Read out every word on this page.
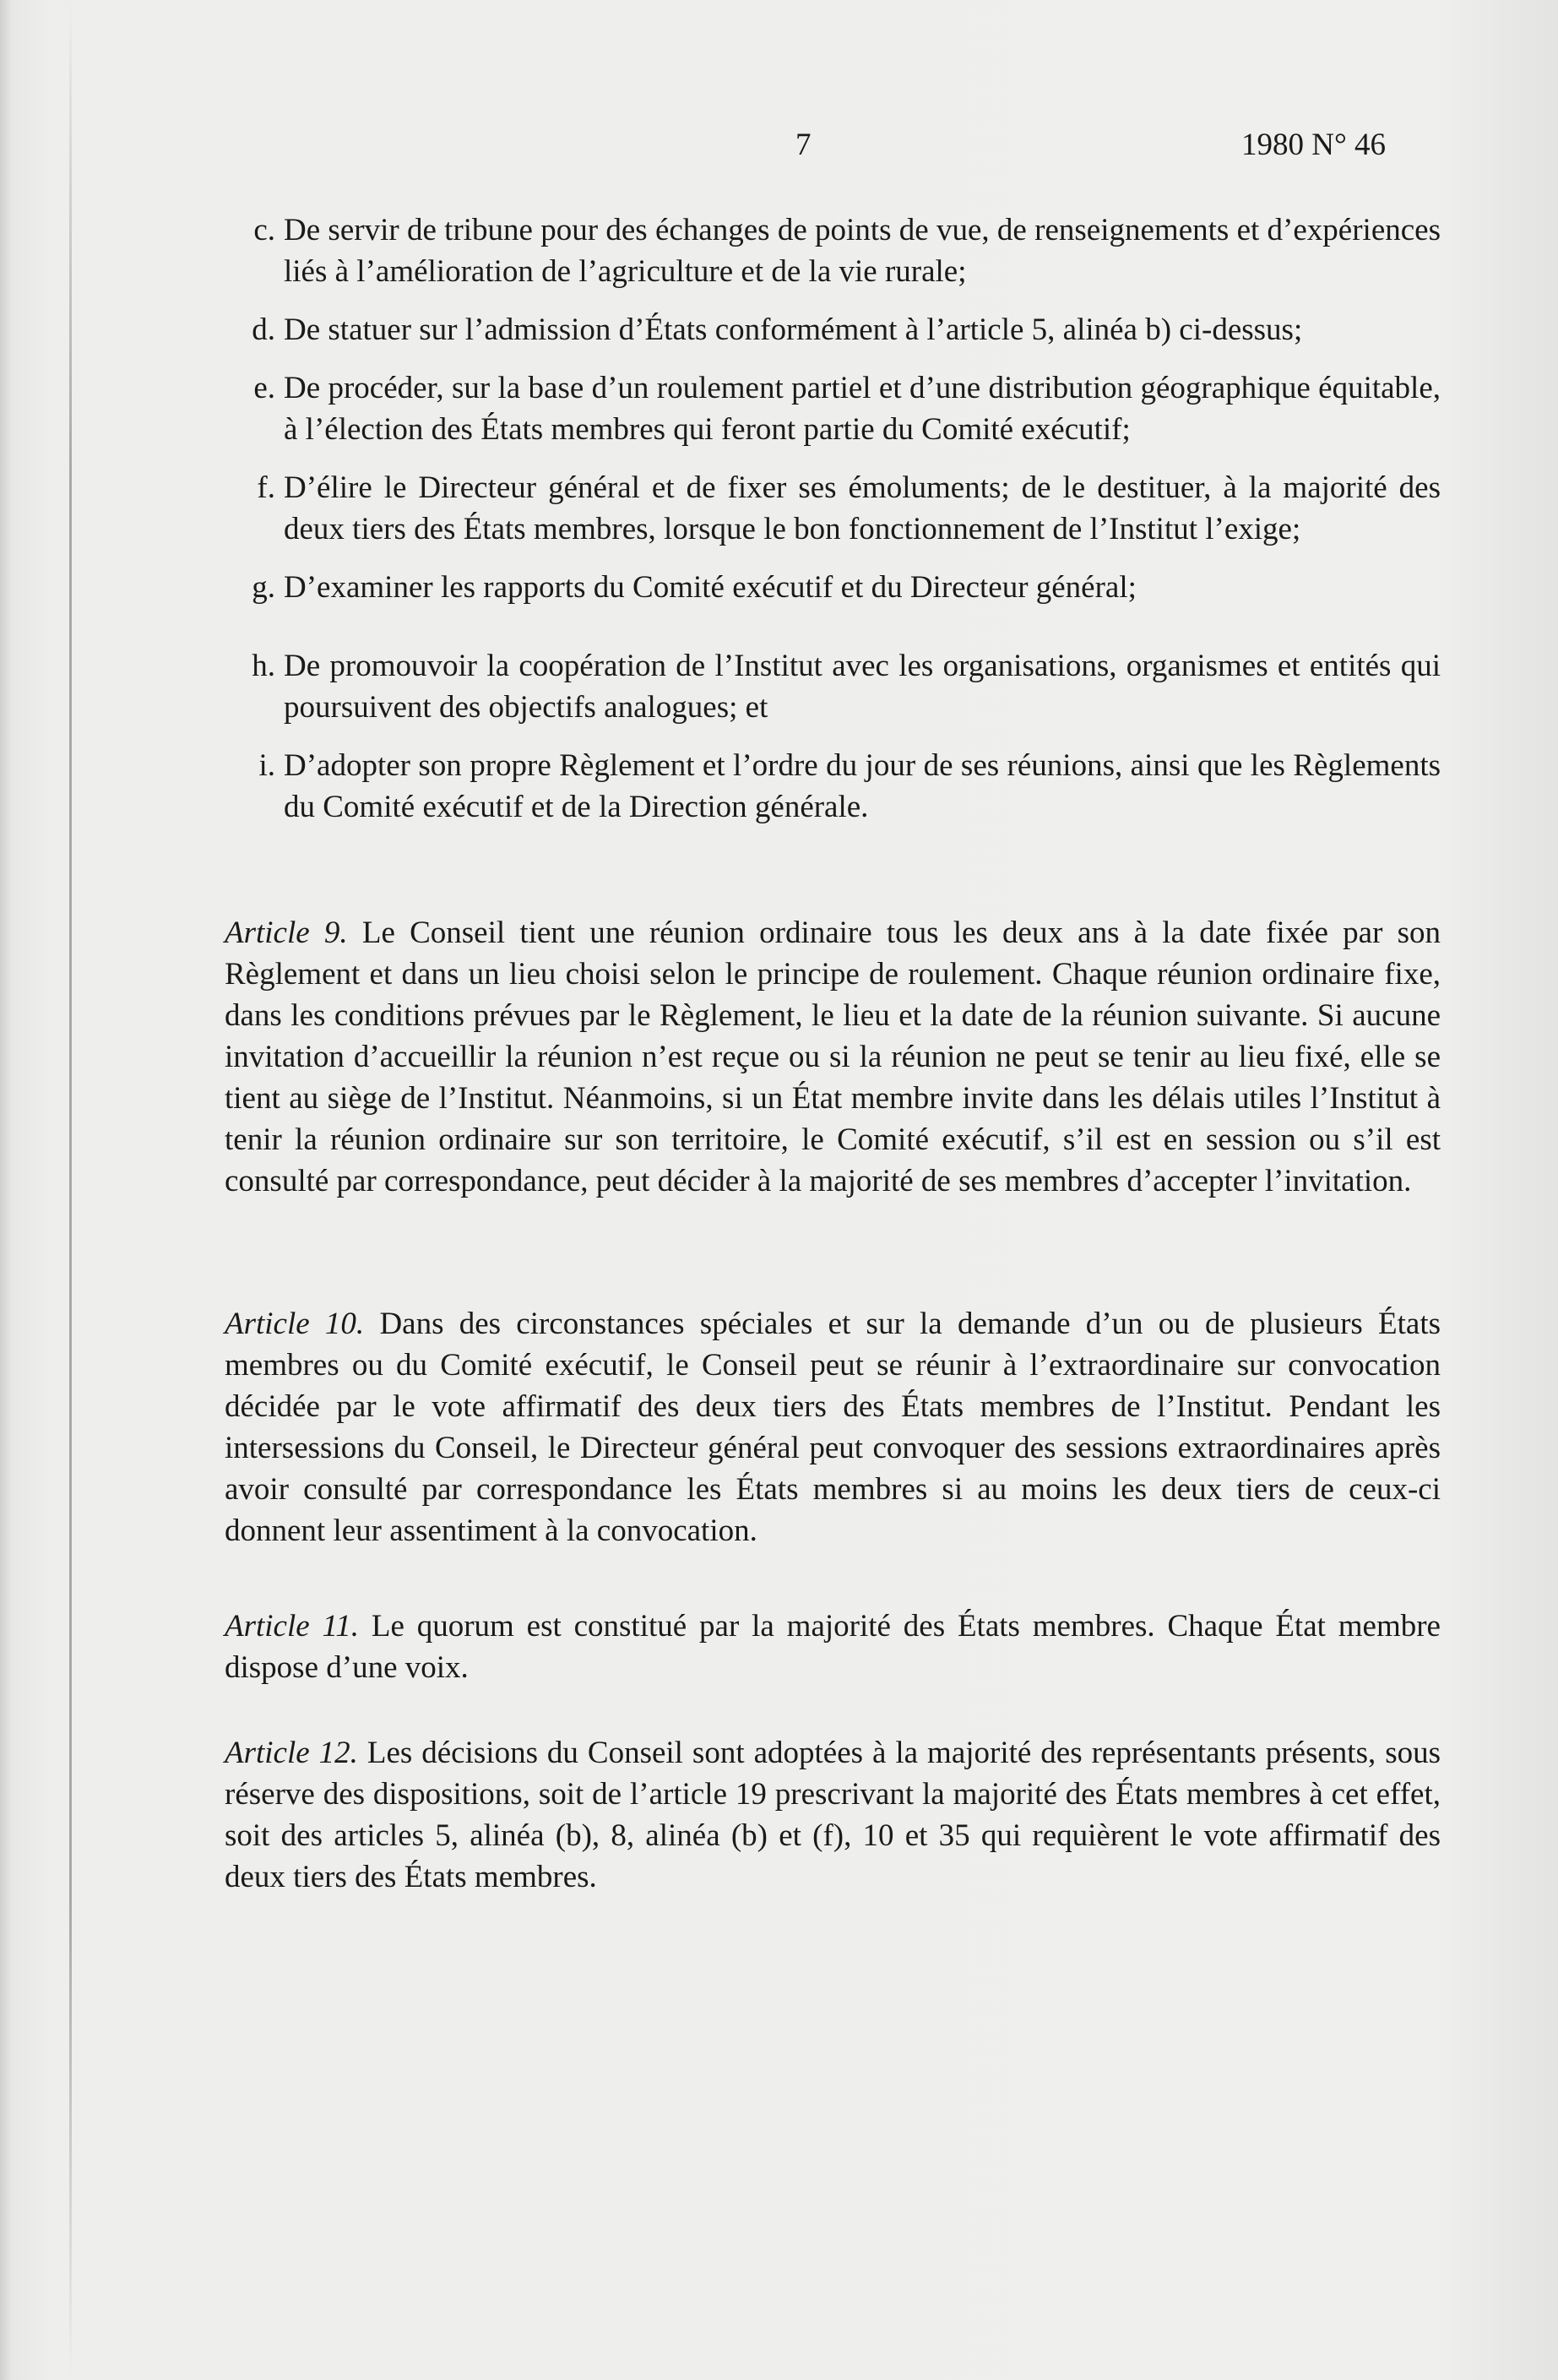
7	1980 N° 46
c. De servir de tribune pour des échanges de points de vue, de renseignements et d’expériences liés à l’amélioration de l’agriculture et de la vie rurale;
d. De statuer sur l’admission d’États conformément à l’article 5, alinéa b) ci-dessus;
e. De procéder, sur la base d’un roulement partiel et d’une distribution géographique équitable, à l’élection des États membres qui feront partie du Comité exécutif;
f. D’élire le Directeur général et de fixer ses émoluments; de le destituer, à la majorité des deux tiers des États membres, lorsque le bon fonctionnement de l’Institut l’exige;
g. D’examiner les rapports du Comité exécutif et du Directeur général;
h. De promouvoir la coopération de l’Institut avec les organisations, organismes et entités qui poursuivent des objectifs analogues; et
i. D’adopter son propre Règlement et l’ordre du jour de ses réunions, ainsi que les Règlements du Comité exécutif et de la Direction générale.

Article 9. Le Conseil tient une réunion ordinaire tous les deux ans à la date fixée par son Règlement et dans un lieu choisi selon le principe de roulement. Chaque réunion ordinaire fixe, dans les conditions prévues par le Règlement, le lieu et la date de la réunion suivante. Si aucune invitation d’accueillir la réunion n’est reçue ou si la réunion ne peut se tenir au lieu fixé, elle se tient au siège de l’Institut. Néanmoins, si un État membre invite dans les délais utiles l’Institut à tenir la réunion ordinaire sur son territoire, le Comité exécutif, s’il est en session ou s’il est consulté par correspondance, peut décider à la majorité de ses membres d’accepter l’invitation.

Article 10. Dans des circonstances spéciales et sur la demande d’un ou de plusieurs États membres ou du Comité exécutif, le Conseil peut se réunir à l’extraordinaire sur convocation décidée par le vote affirmatif des deux tiers des États membres de l’Institut. Pendant les intersessions du Conseil, le Directeur général peut convoquer des sessions extraordinaires après avoir consulté par correspondance les États membres si au moins les deux tiers de ceux-ci donnent leur assentiment à la convocation.

Article 11. Le quorum est constitué par la majorité des États membres. Chaque État membre dispose d’une voix.

Article 12. Les décisions du Conseil sont adoptées à la majorité des représentants présents, sous réserve des dispositions, soit de l’article 19 prescrivant la majorité des États membres à cet effet, soit des articles 5, alinéa (b), 8, alinéa (b) et (f), 10 et 35 qui requièrent le vote affirmatif des deux tiers des États membres.
